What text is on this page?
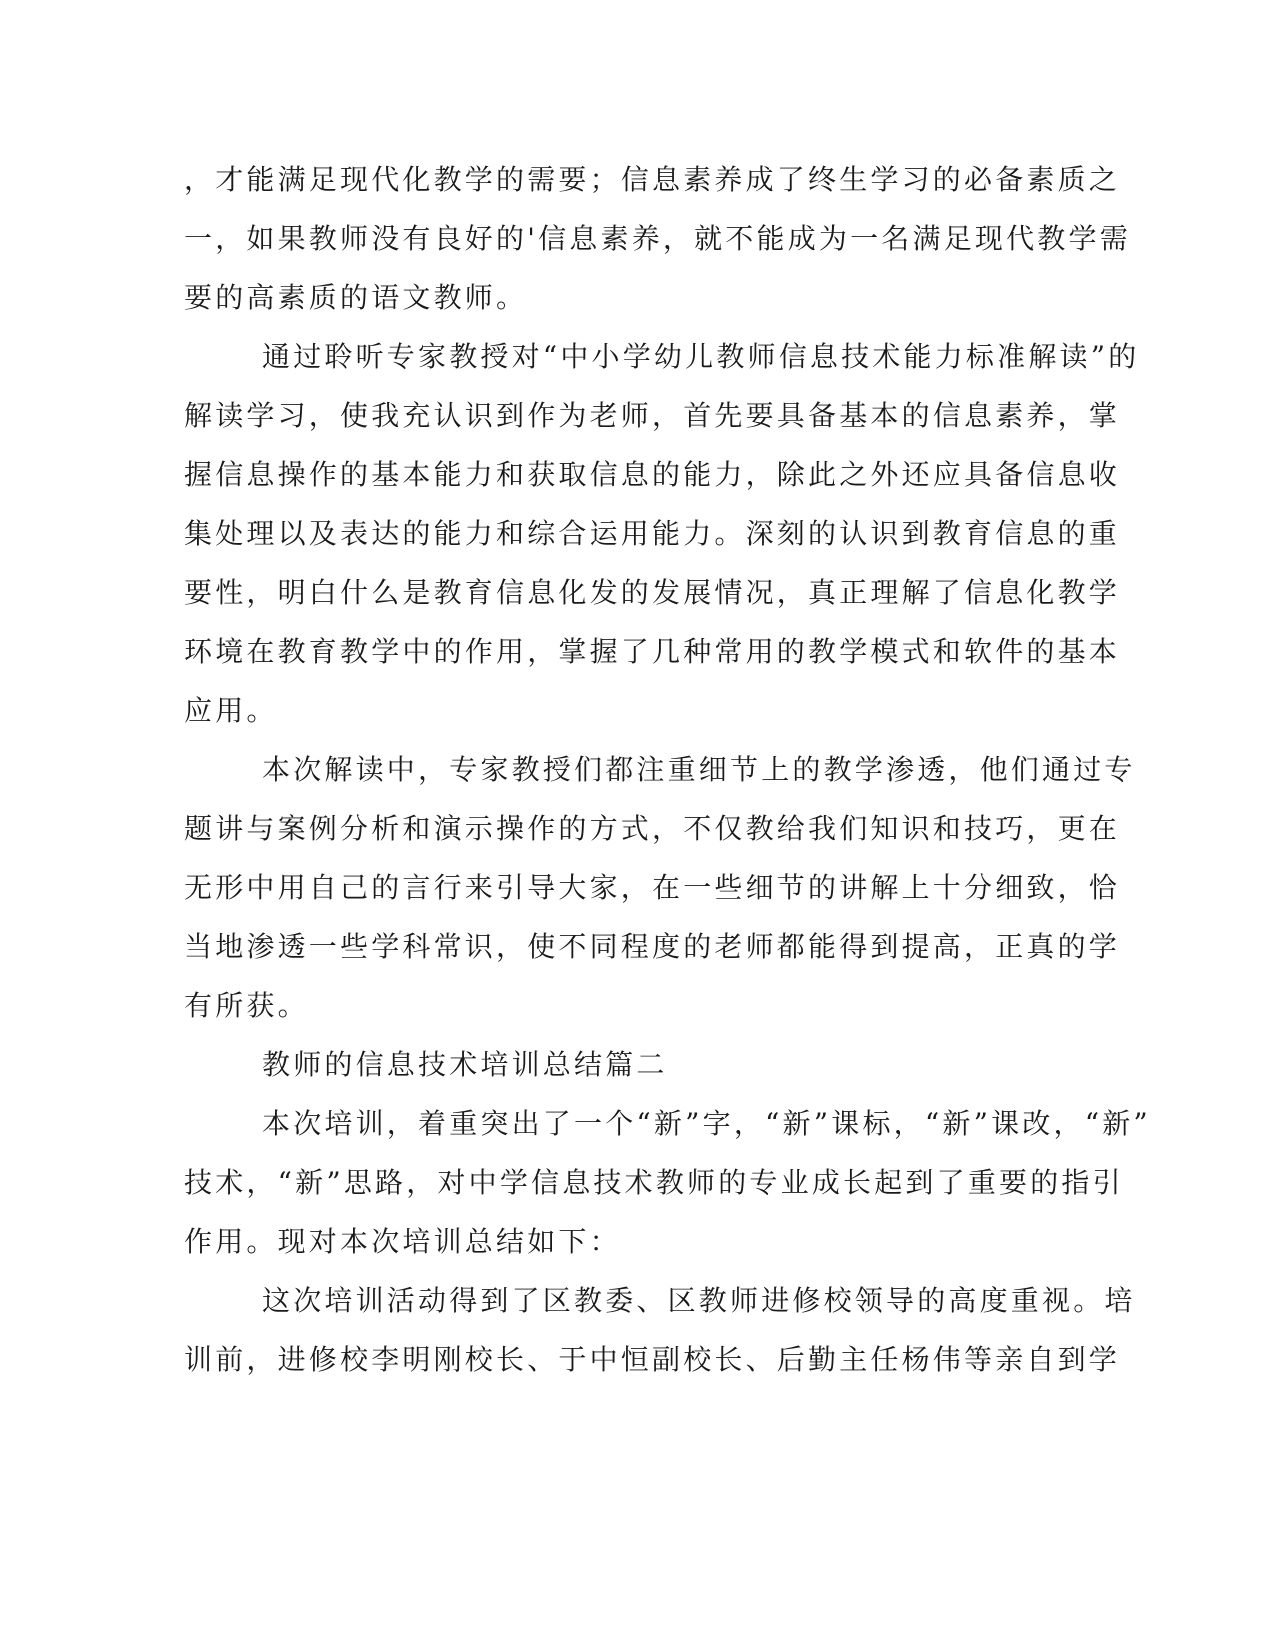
，才能满足现代化教学的需要；信息素养成了终生学习的必备素质之

一，如果教师没有良好的'信息素养，就不能成为一名满足现代教学需

要的高素质的语文教师。

通过聆听专家教授对“中小学幼儿教师信息技术能力标准解读”的

解读学习，使我充认识到作为老师，首先要具备基本的信息素养，掌

握信息操作的基本能力和获取信息的能力，除此之外还应具备信息收

集处理以及表达的能力和综合运用能力。深刻的认识到教育信息的重

要性，明白什么是教育信息化发的发展情况，真正理解了信息化教学

环境在教育教学中的作用，掌握了几种常用的教学模式和软件的基本

应用。

本次解读中，专家教授们都注重细节上的教学渗透，他们通过专

题讲与案例分析和演示操作的方式，不仅教给我们知识和技巧，更在

无形中用自己的言行来引导大家，在一些细节的讲解上十分细致，恰

当地渗透一些学科常识，使不同程度的老师都能得到提高，正真的学

有所获。

教师的信息技术培训总结篇二

本次培训，着重突出了一个“新”字，“新”课标，“新”课改，“新”

技术，“新”思路，对中学信息技术教师的专业成长起到了重要的指引

作用。现对本次培训总结如下：

这次培训活动得到了区教委、区教师进修校领导的高度重视。培

训前，进修校李明刚校长、于中恒副校长、后勤主任杨伟等亲自到学
